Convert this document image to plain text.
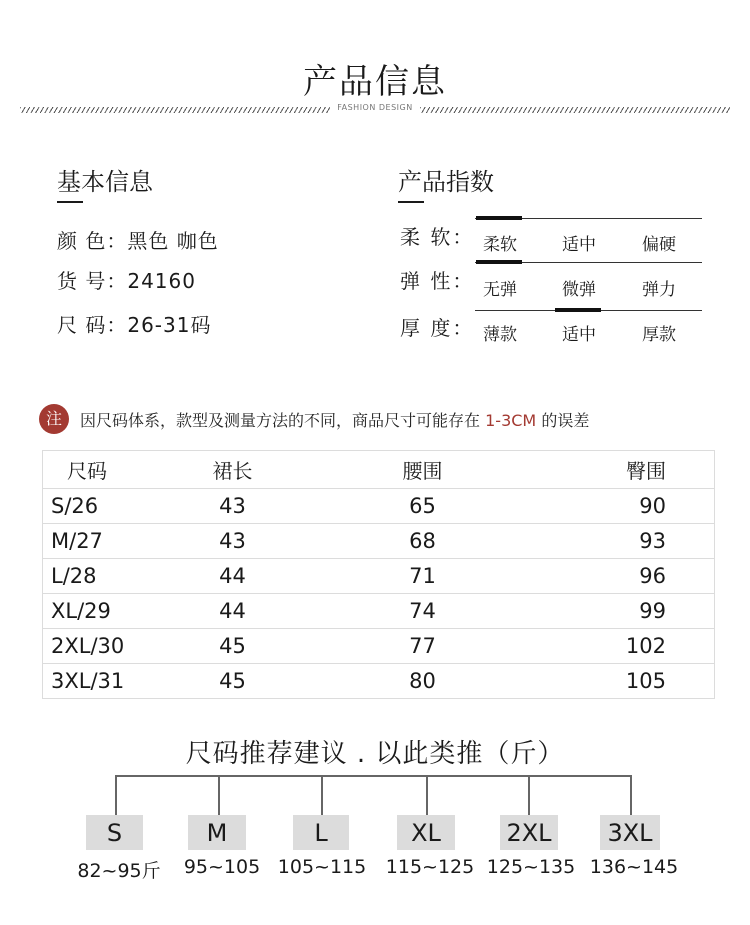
产品信息
FASHION DESIGN
基本信息
颜 色：黑色 咖色
货 号：24160
尺 码：26-31码
产品指数
柔 软： 柔软	适中	偏硬
弹 性： 无弹	微弹	弹力
厚 度： 薄款	适中	厚款
注	因尺码体系，款型及测量方法的不同，商品尺寸可能存在 1-3CM 的误差
尺码	裙长	腰围	臀围
S/26	43	65	90
M/27	43	68	93
L/28	44	71	96
XL/29	44	74	99
2XL/30	45	77	102
3XL/31	45	80	105
尺码推荐建议 . 以此类推（斤）
S	M	L	XL	2XL	3XL
82~95斤	95~105 105~115	115~125 125~135 136~145
